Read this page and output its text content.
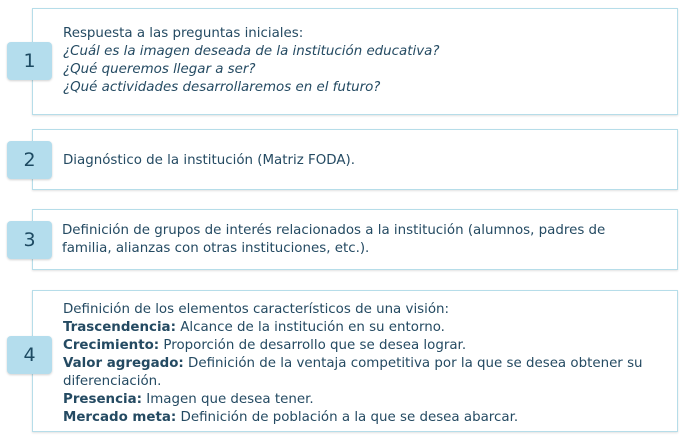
1
Respuesta a las preguntas iniciales:
¿Cuál es la imagen deseada de la institución educativa?
¿Qué queremos llegar a ser?
¿Qué actividades desarrollaremos en el futuro?
2	Diagnóstico de la institución (Matriz FODA).
3	Definición de grupos de interés relacionados a la institución (alumnos, padres de familia, alianzas con otras instituciones, etc.).
4
Definición de los elementos característicos de una visión:
Trascendencia: Alcance de la institución en su entorno.
Crecimiento: Proporción de desarrollo que se desea lograr.
Valor agregado: Definición de la ventaja competitiva por la que se desea obtener su diferenciación.
Presencia: Imagen que desea tener.
Mercado meta: Definición de población a la que se desea abarcar.
